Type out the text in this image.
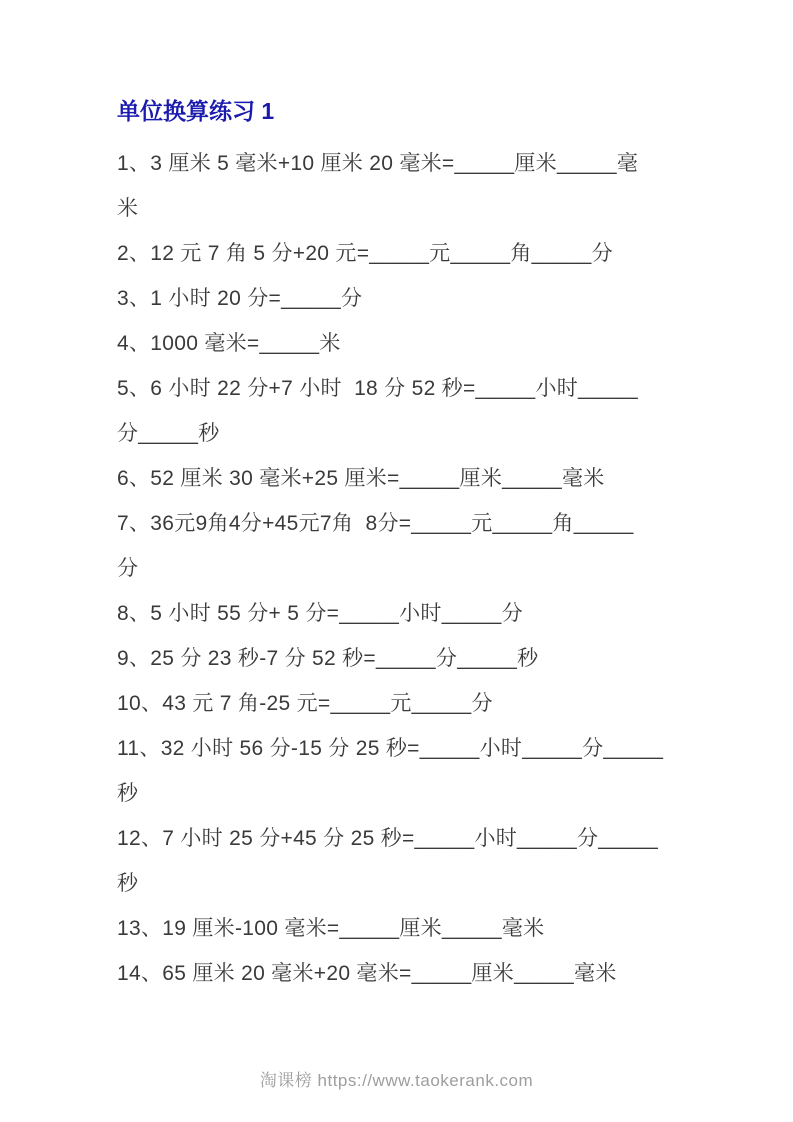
单位换算练习 1
1、3 厘米 5 毫米+10 厘米 20 毫米=_____厘米_____毫
米
2、12 元 7 角 5 分+20 元=_____元_____角_____分
3、1 小时 20 分=_____分
4、1000 毫米=_____米
5、6 小时 22 分+7 小时  18 分 52 秒=_____小时_____
分_____秒
6、52 厘米 30 毫米+25 厘米=_____厘米_____毫米
7、36元9角4分+45元7角  8分=_____元_____角_____
分
8、5 小时 55 分+ 5 分=_____小时_____分
9、25 分 23 秒-7 分 52 秒=_____分_____秒
10、43 元 7 角-25 元=_____元_____分
11、32 小时 56 分-15 分 25 秒=_____小时_____分_____
秒
12、7 小时 25 分+45 分 25 秒=_____小时_____分_____
秒
13、19 厘米-100 毫米=_____厘米_____毫米
14、65 厘米 20 毫米+20 毫米=_____厘米_____毫米
淘课榜 https://www.taokerank.com
